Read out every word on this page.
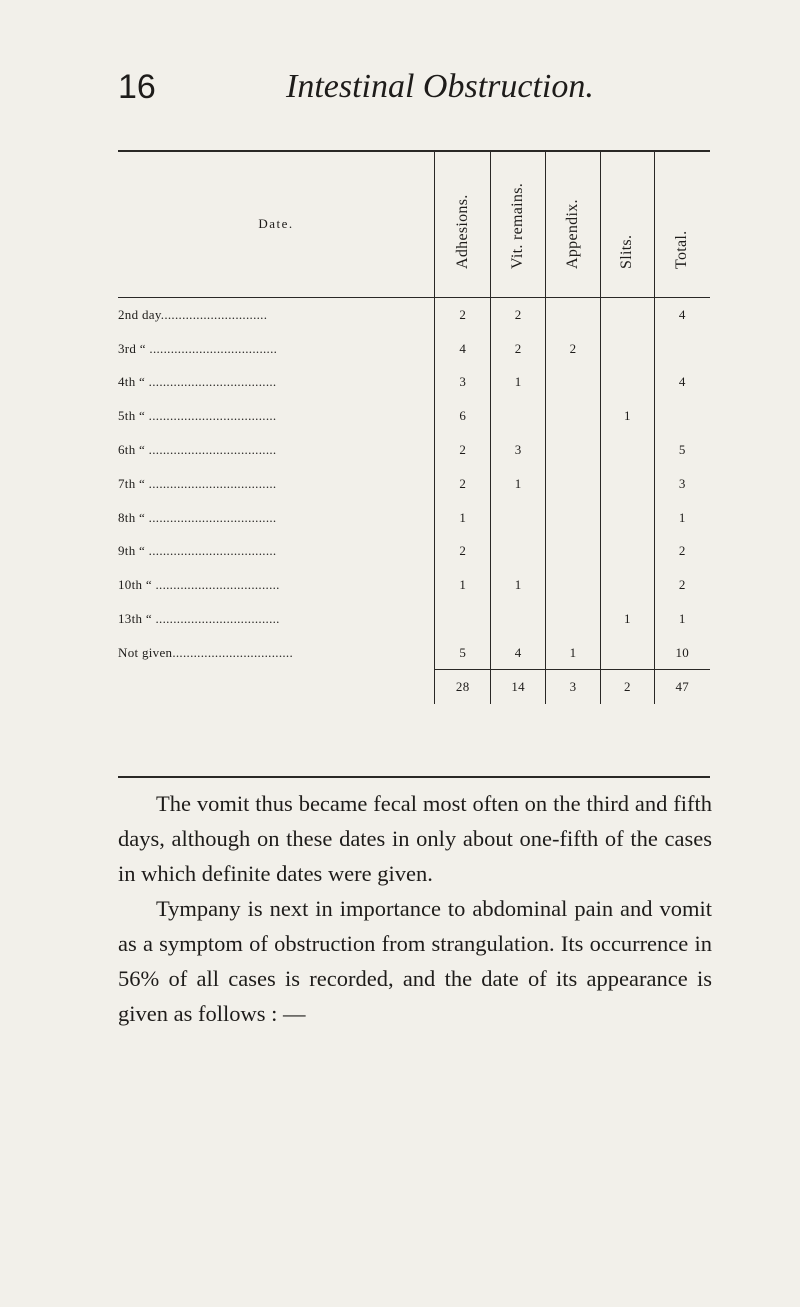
16	Intestinal Obstruction.
Date.	Adhesions.	Vit. remains.	Appendix.	Slits.	Total.

2nd day..............................	2	2			4
3rd “ ....................................	4	2	2		
4th “ ....................................	3	1			4
5th “ ....................................	6			1	
6th “ ....................................	2	3			5
7th “ ....................................	2	1			3
8th “ ....................................	1				1
9th “ ....................................	2				2
10th “ ...................................	1	1			2
13th “ ...................................				1	1
Not given..................................	5	4	1		10
	28	14	3	2	47

The vomit thus became fecal most often on the third and fifth days, although on these dates in only about one-fifth of the cases in which definite dates were given.

Tympany is next in importance to abdominal pain and vomit as a symptom of obstruction from strangulation. Its occurrence in 56% of all cases is recorded, and the date of its appearance is given as follows : —
